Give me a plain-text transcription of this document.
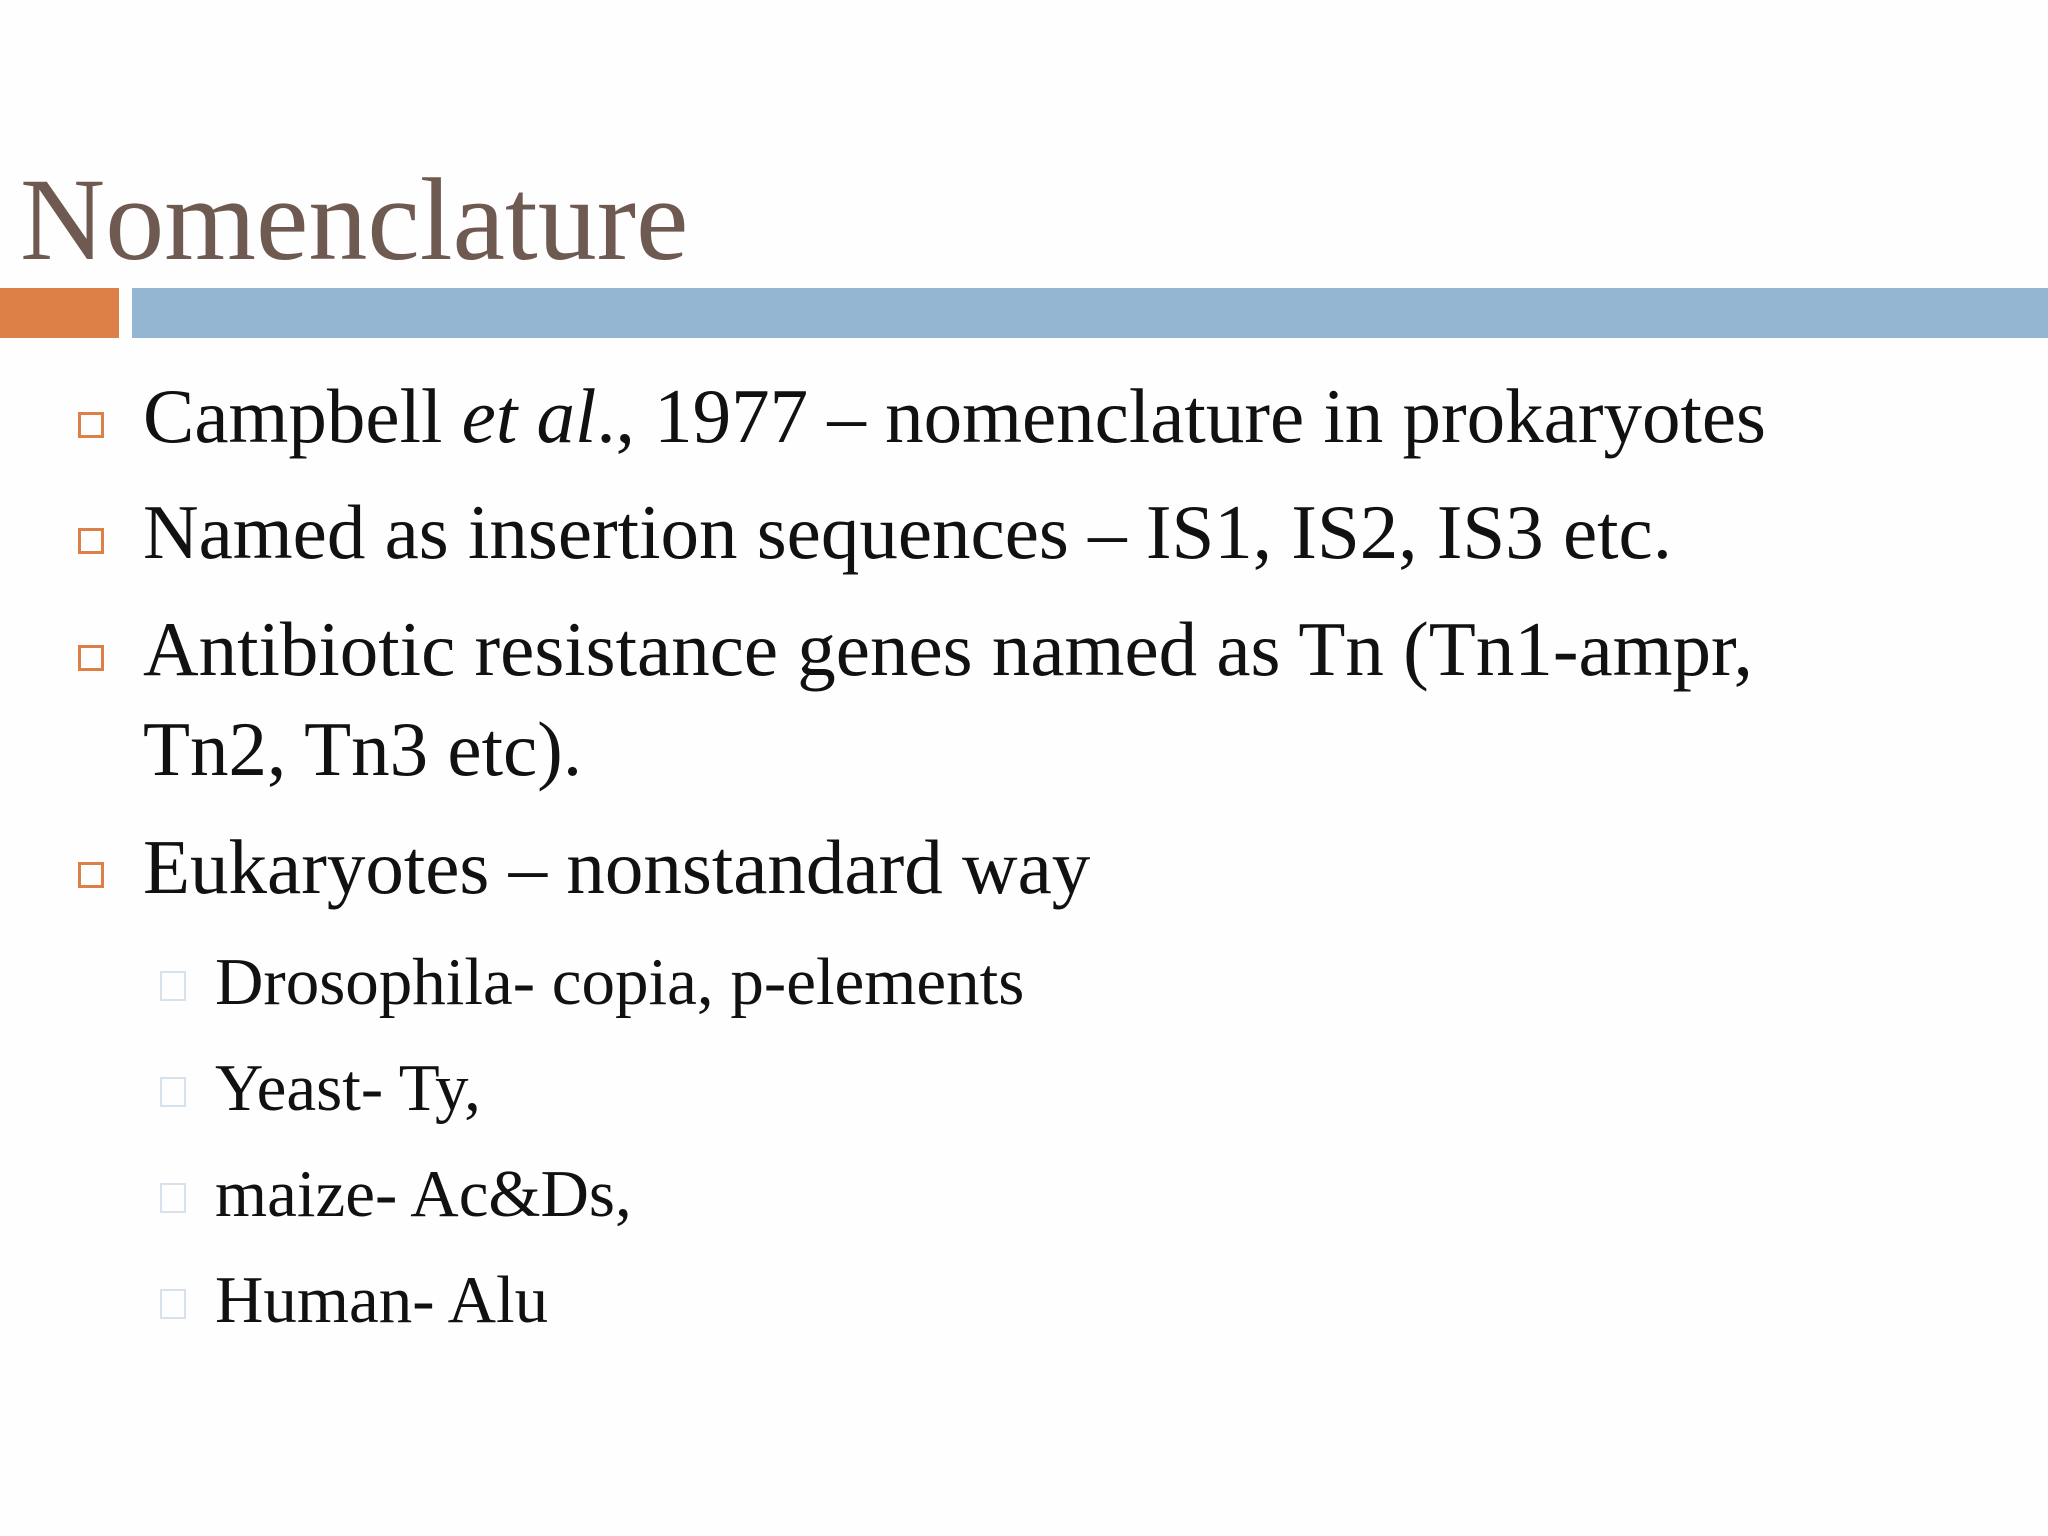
Nomenclature
Campbell et al., 1977 – nomenclature in prokaryotes
Named as insertion sequences – IS1, IS2, IS3 etc.
Antibiotic resistance genes named as Tn (Tn1-ampr,
Tn2, Tn3 etc).
Eukaryotes – nonstandard way
Drosophila- copia, p-elements
Yeast- Ty,
maize- Ac&Ds,
Human- Alu
